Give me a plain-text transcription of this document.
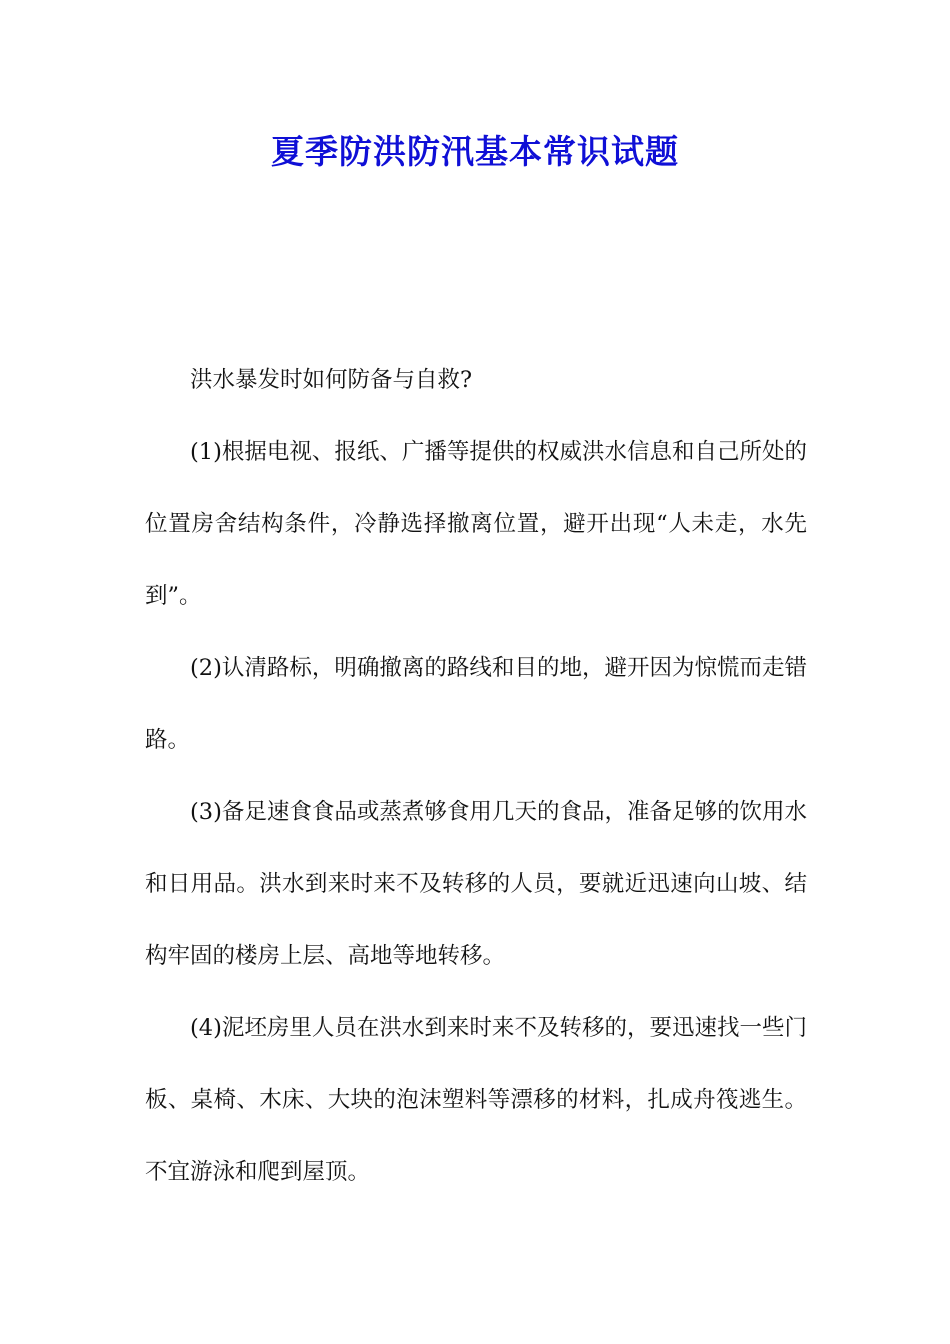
夏季防洪防汛基本常识试题

洪水暴发时如何防备与自救?

(1)根据电视、报纸、广播等提供的权威洪水信息和自己所处的位置房舍结构条件，冷静选择撤离位置，避开出现“人未走，水先到”。

(2)认清路标，明确撤离的路线和目的地，避开因为惊慌而走错路。

(3)备足速食食品或蒸煮够食用几天的食品，准备足够的饮用水和日用品。洪水到来时来不及转移的人员，要就近迅速向山坡、结构牢固的楼房上层、高地等地转移。

(4)泥坯房里人员在洪水到来时来不及转移的，要迅速找一些门板、桌椅、木床、大块的泡沫塑料等漂移的材料，扎成舟筏逃生。不宜游泳和爬到屋顶。
